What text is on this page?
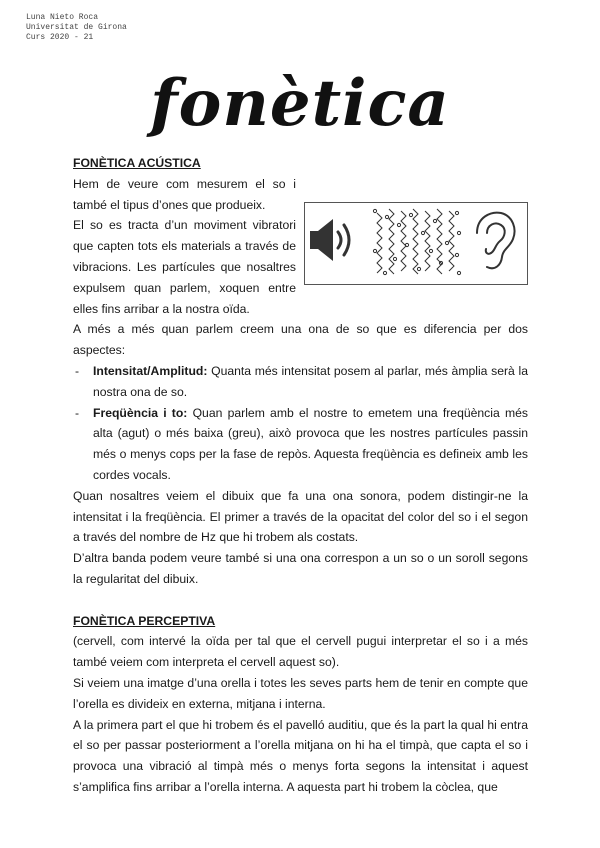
Luna Nieto Roca
Universitat de Girona
Curs 2020 - 21
fonètica

FONÈTICA ACÚSTICA

Hem de veure com mesurem el so i també el tipus d’ones que produeix.

El so es tracta d’un moviment vibratori que capten tots els materials a través de vibracions. Les partícules que nosaltres expulsem quan parlem, xoquen entre elles fins arribar a la nostra oïda.

A més a més quan parlem creem una ona de so que es diferencia per dos aspectes:

- Intensitat/Amplitud: Quanta més intensitat posem al parlar, més àmplia serà la nostra ona de so.
- Freqüència i to: Quan parlem amb el nostre to emetem una freqüència més alta (agut) o més baixa (greu), això provoca que les nostres partícules passin més o menys cops per la fase de repòs. Aquesta freqüència es defineix amb les cordes vocals.

Quan nosaltres veiem el dibuix que fa una ona sonora, podem distingir-ne la intensitat i la freqüència. El primer a través de la opacitat del color del so i el segon a través del nombre de Hz que hi trobem als costats.

D’altra banda podem veure també si una ona correspon a un so o un soroll segons la regularitat del dibuix.

FONÈTICA PERCEPTIVA

(cervell, com intervé la oïda per tal que el cervell pugui interpretar el so i a més també veiem com interpreta el cervell aquest so).

Si veiem una imatge d’una orella i totes les seves parts hem de tenir en compte que l’orella es divideix en externa, mitjana i interna.

A la primera part el que hi trobem és el pavelló auditiu, que és la part la qual hi entra el so per passar posteriorment a l’orella mitjana on hi ha el timpà, que capta el so i provoca una vibració al timpà més o menys forta segons la intensitat i aquest s’amplifica fins arribar a l’orella interna. A aquesta part hi trobem la còclea, que
